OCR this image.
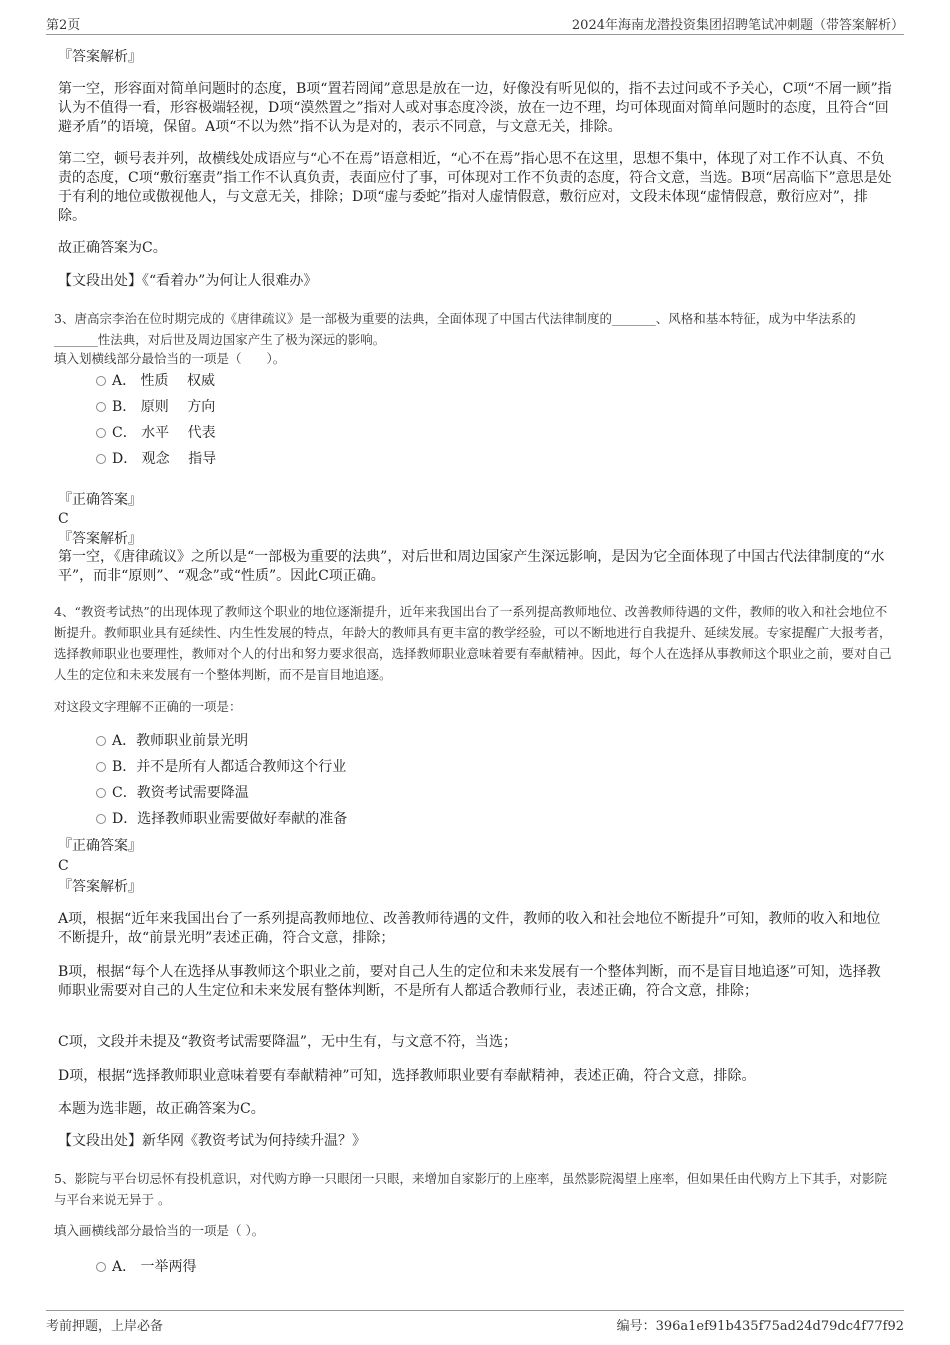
第2页	2024年海南龙潜投资集团招聘笔试冲刺题（带答案解析）
『答案解析』
第一空，形容面对简单问题时的态度，B项“置若罔闻”意思是放在一边，好像没有听见似的，指不去过问或不予关心，C项“不屑一顾”指认为不值得一看，形容极端轻视，D项“漠然置之”指对人或对事态度冷淡，放在一边不理，均可体现面对简单问题时的态度，且符合“回避矛盾”的语境，保留。A项“不以为然”指不认为是对的，表示不同意，与文意无关，排除。
第二空，顿号表并列，故横线处成语应与“心不在焉”语意相近，“心不在焉”指心思不在这里，思想不集中，体现了对工作不认真、不负责的态度，C项“敷衍塞责”指工作不认真负责，表面应付了事，可体现对工作不负责的态度，符合文意，当选。B项“居高临下”意思是处于有利的地位或傲视他人，与文意无关，排除；D项“虚与委蛇”指对人虚情假意，敷衍应对，文段未体现“虚情假意，敷衍应对”，排除。
故正确答案为C。
【文段出处】《“看着办”为何让人很难办》
3、唐高宗李治在位时期完成的《唐律疏议》是一部极为重要的法典，全面体现了中国古代法律制度的_______、风格和基本特征，成为中华法系的_______性法典，对后世及周边国家产生了极为深远的影响。
填入划横线部分最恰当的一项是（　　）。
A． 性质　 权威
B． 原则　 方向
C． 水平　 代表
D． 观念　 指导
『正确答案』
C
『答案解析』
第一空，《唐律疏议》之所以是“一部极为重要的法典”，对后世和周边国家产生深远影响，是因为它全面体现了中国古代法律制度的“水平”，而非“原则”、“观念”或“性质”。因此C项正确。
4、“教资考试热”的出现体现了教师这个职业的地位逐渐提升，近年来我国出台了一系列提高教师地位、改善教师待遇的文件，教师的收入和社会地位不断提升。教师职业具有延续性、内生性发展的特点，年龄大的教师具有更丰富的教学经验，可以不断地进行自我提升、延续发展。专家提醒广大报考者，选择教师职业也要理性，教师对个人的付出和努力要求很高，选择教师职业意味着要有奉献精神。因此，每个人在选择从事教师这个职业之前，要对自己人生的定位和未来发展有一个整体判断，而不是盲目地追逐。
对这段文字理解不正确的一项是：
A．教师职业前景光明
B．并不是所有人都适合教师这个行业
C．教资考试需要降温
D．选择教师职业需要做好奉献的准备
『正确答案』
C
『答案解析』
A项，根据“近年来我国出台了一系列提高教师地位、改善教师待遇的文件，教师的收入和社会地位不断提升”可知，教师的收入和地位不断提升，故“前景光明”表述正确，符合文意，排除；
B项，根据“每个人在选择从事教师这个职业之前，要对自己人生的定位和未来发展有一个整体判断，而不是盲目地追逐”可知，选择教师职业需要对自己的人生定位和未来发展有整体判断，不是所有人都适合教师行业，表述正确，符合文意，排除；
C项，文段并未提及“教资考试需要降温”，无中生有，与文意不符，当选；
D项，根据“选择教师职业意味着要有奉献精神”可知，选择教师职业要有奉献精神，表述正确，符合文意，排除。
本题为选非题，故正确答案为C。
【文段出处】新华网《教资考试为何持续升温？》
5、影院与平台切忌怀有投机意识，对代购方睁一只眼闭一只眼，来增加自家影厅的上座率，虽然影院渴望上座率，但如果任由代购方上下其手，对影院与平台来说无异于 。
填入画横线部分最恰当的一项是（ ）。
A． 一举两得
考前押题，上岸必备	编号：396a1ef91b435f75ad24d79dc4f77f92
